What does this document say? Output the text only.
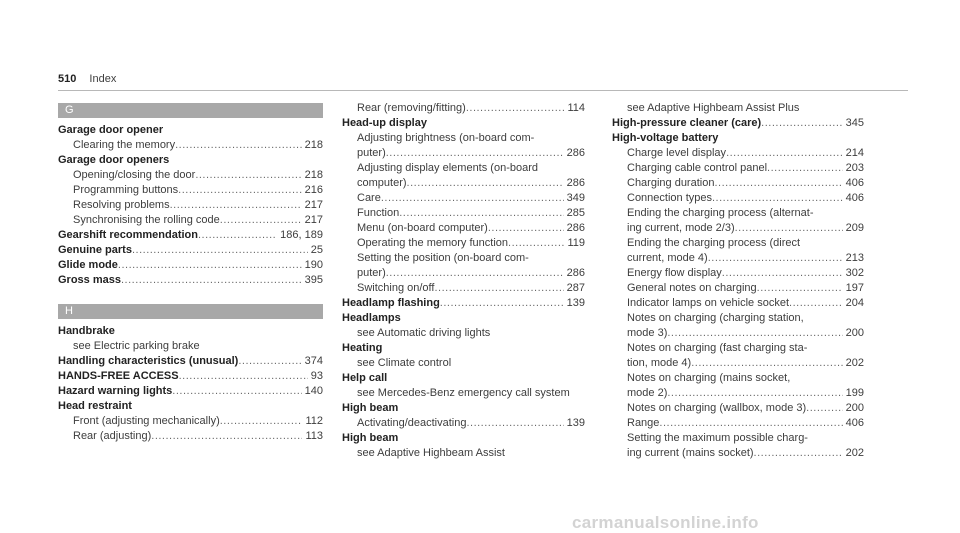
510 Index
G
Garage door opener
Clearing the memory .....	218
Garage door openers
Opening/closing the door .....	218
Programming buttons .....	216
Resolving problems .....	217
Synchronising the rolling code .....	217
Gearshift recommendation .....	186, 189
Genuine parts .....	25
Glide mode .....	190
Gross mass .....	395
H
Handbrake
see Electric parking brake
Handling characteristics (unusual) .....	374
HANDS-FREE ACCESS .....	93
Hazard warning lights .....	140
Head restraint
Front (adjusting mechanically) .....	112
Rear (adjusting) .....	113
Rear (removing/fitting) .....	114
Head-up display
Adjusting brightness (on-board com-
puter) .....	286
Adjusting display elements (on-board
computer) .....	286
Care .....	349
Function .....	285
Menu (on-board computer) .....	286
Operating the memory function .....	119
Setting the position (on-board com-
puter) .....	286
Switching on/off .....	287
Headlamp flashing .....	139
Headlamps
see Automatic driving lights
Heating
see Climate control
Help call
see Mercedes-Benz emergency call system
High beam
Activating/deactivating .....	139
High beam
see Adaptive Highbeam Assist
see Adaptive Highbeam Assist Plus
High-pressure cleaner (care) .....	345
High-voltage battery
Charge level display .....	214
Charging cable control panel .....	203
Charging duration .....	406
Connection types .....	406
Ending the charging process (alternat-
ing current, mode 2/3) .....	209
Ending the charging process (direct
current, mode 4) .....	213
Energy flow display .....	302
General notes on charging .....	197
Indicator lamps on vehicle socket .....	204
Notes on charging (charging station,
mode 3) .....	200
Notes on charging (fast charging sta-
tion, mode 4) .....	202
Notes on charging (mains socket,
mode 2) .....	199
Notes on charging (wallbox, mode 3) .....	200
Range .....	406
Setting the maximum possible charg-
ing current (mains socket) .....	202
carmanualsonline.info
